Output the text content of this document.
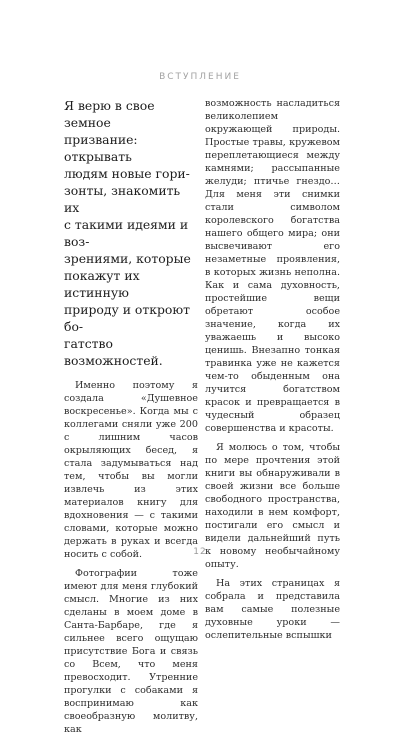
ВСТУПЛЕНИЕ
Я верю в свое земное
призвание: открывать
людям новые гори-
зонты, знакомить их
с такими идеями и воз-
зрениями, которые
покажут их истинную
природу и откроют бо-
гатство возможностей.

Именно поэтому я создала «Душевное воскресенье». Когда мы с коллегами сняли уже 200 с лишним часов окрыляющих бесед, я стала задумываться над тем, чтобы вы могли извлечь из этих материалов книгу для вдохновения — с такими словами, которые можно держать в руках и всегда носить с собой.

Фотографии тоже имеют для меня глубокий смысл. Многие из них сделаны в моем доме в Санта-Барбаре, где я сильнее всего ощущаю присутствие Бога и связь со Всем, что меня превосходит. Утренние прогулки с собаками я воспринимаю как своеобразную молитву, как

возможность насладиться великолепием окружающей природы. Простые травы, кружевом переплетающиеся между камнями; рассыпанные желуди; птичье гнездо… Для меня эти снимки стали символом королевского богатства нашего общего мира; они высвечивают его незаметные проявления, в которых жизнь неполна. Как и сама духовность, простейшие вещи обретают особое значение, когда их уважаешь и высоко ценишь. Внезапно тонкая травинка уже не кажется чем-то обыденным она лучится богатством красок и превращается в чудесный образец совершенства и красоты.

Я молюсь о том, чтобы по мере прочтения этой книги вы обнаруживали в своей жизни все больше свободного пространства, находили в нем комфорт, постигали его смысл и видели дальнейший путь к новому необычайному опыту.

На этих страницах я собрала и представила вам самые полезные духовные уроки — ослепительные вспышки

12
